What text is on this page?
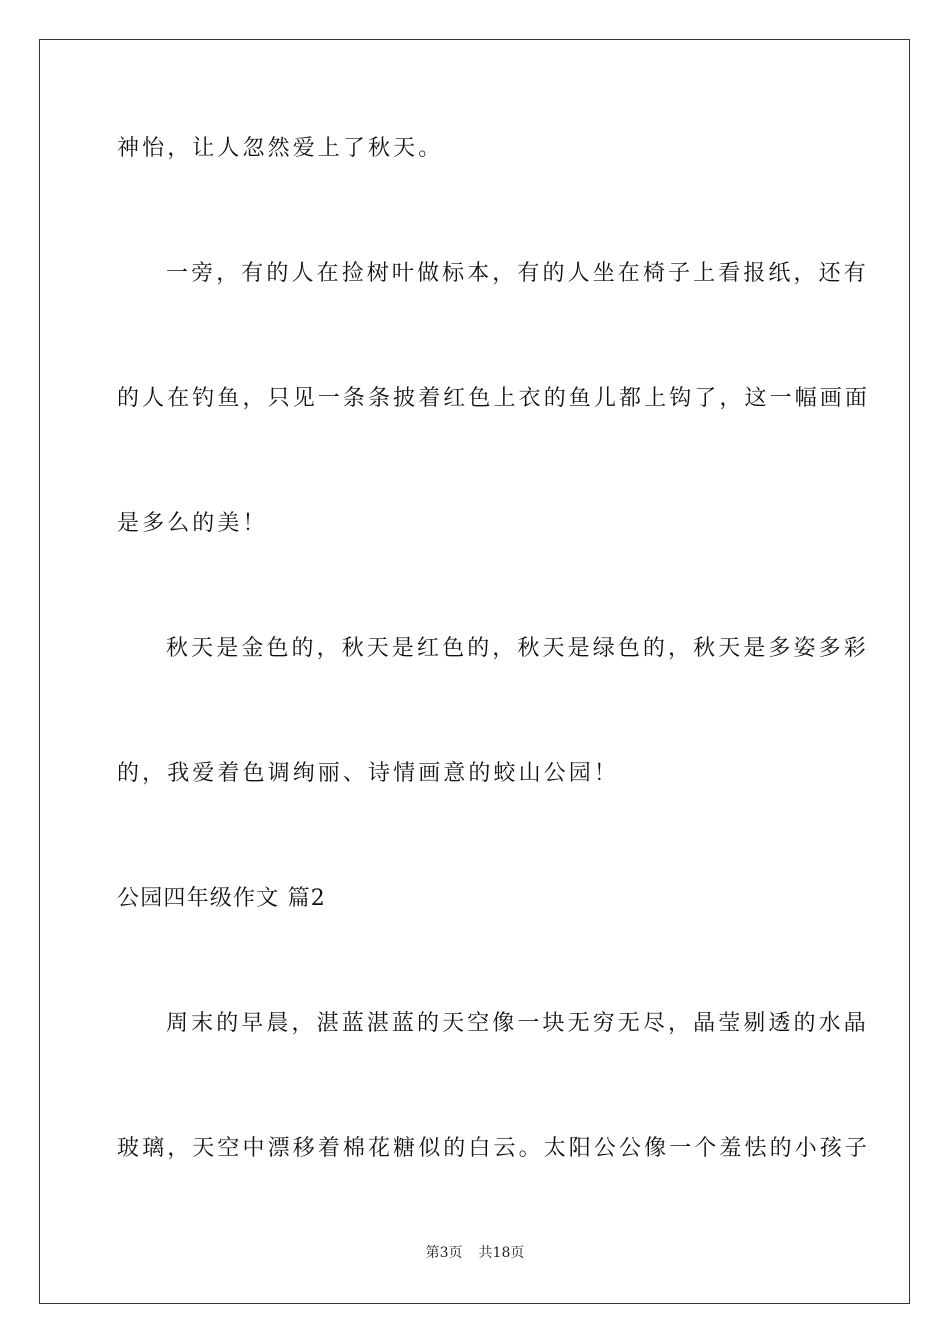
神怡，让人忽然爱上了秋天。
一旁，有的人在捡树叶做标本，有的人坐在椅子上看报纸，还有
的人在钓鱼，只见一条条披着红色上衣的鱼儿都上钩了，这一幅画面
是多么的美！
秋天是金色的，秋天是红色的，秋天是绿色的，秋天是多姿多彩
的，我爱着色调绚丽、诗情画意的蛟山公园！
公园四年级作文 篇2
周末的早晨，湛蓝湛蓝的天空像一块无穷无尽，晶莹剔透的水晶
玻璃，天空中漂移着棉花糖似的白云。太阳公公像一个羞怯的小孩子
第3页 共18页
